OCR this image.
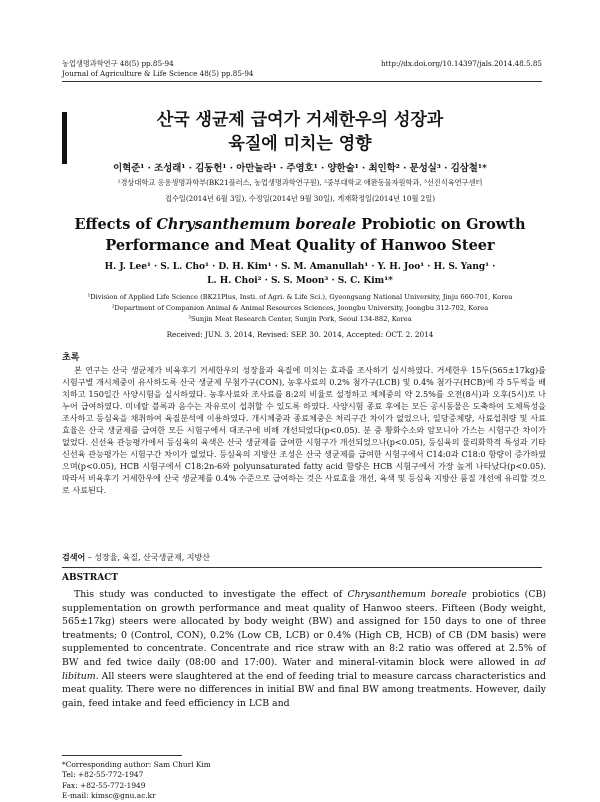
농업생명과학연구 48(5) pp.85-94
Journal of Agriculture & Life Science 48(5) pp.85-94
http://dx.doi.org/10.14397/jals.2014.48.5.85
산국 생균제 급여가 거세한우의 성장과
육질에 미치는 영향
이혁준¹ · 조성래¹ · 김동헌¹ · 아만눌라¹ · 주영호¹ · 양한술¹ · 최인학² · 문성실³ · 김삼철¹*
¹경상대학교 응용생명과학부(BK21플러스, 농업생명과학연구원), ²중부대학교 애완동물자원학과, ³선진식육연구센터
접수일(2014년 6월 3일), 수정일(2014년 9월 30일), 게재확정일(2014년 10월 2일)
Effects of Chrysanthemum boreale Probiotic on Growth
Performance and Meat Quality of Hanwoo Steer
H. J. Lee¹ · S. L. Cho¹ · D. H. Kim¹ · S. M. Amanullah¹ · Y. H. Joo¹ · H. S. Yang¹ ·
L. H. Choi² · S. S. Moon³ · S. C. Kim¹*
¹Division of Applied Life Science (BK21Plus, Insti. of Agri. & Life Sci.), Gyeongsang National University, Jinju 660-701, Korea
²Department of Companion Animal & Animal Resources Sciences, Joongbu University, Joongbu 312-702, Korea
³Sunjin Meat Research Center, Sunjin Pork, Seoul 134-882, Korea
Received: JUN. 3. 2014, Revised: SEP. 30. 2014, Accepted: OCT. 2. 2014
초록
본 연구는 산국 생균제가 비육후기 거세한우의 성장율과 육질에 미치는 효과를 조사하기 실시하였다. 거세한우 15두(565±17kg)를 시험구별 개시체중이 유사하도록 산국 생균제 무첨가구(CON), 농후사료의 0.2% 첨가구(LCB) 및 0.4% 첨가구(HCB)에 각 5두씩을 배치하고 150일간 사양시험을 실시하였다. 농후사료와 조사료를 8:2의 비율로 설정하고 체체중의 약 2.5%를 오전(8시)과 오후(5시)로 나누어 급여하였다. 미네랄 블록과 음수는 자유로이 섭취할 수 있도록 하였다. 사양시험 종료 후에는 모든 공시동물은 도축하여 도체특성을 조사하고 등심육을 채취하여 육질분석에 이용하였다. 개시체중과 종료체중은 처리구간 차이가 없었으나, 일당증체량, 사료섭취량 및 사료효율은 산국 생균제를 급여한 모든 시험구에서 대조구에 비해 개선되었다(p<0.05). 분 중 황화수소와 암모니아 가스는 시험구간 차이가 없었다. 신선육 관능평가에서 등심육의 육색은 산국 생균제를 급여한 시험구가 개선되었으나(p<0.05), 등심육의 물리화학적 특성과 기타 신선육 관능평가는 시험구간 차이가 없었다. 등심육의 지방산 조성은 산국 생균제를 급여한 시험구에서 C14:0과 C18:0 함량이 증가하였으며(p<0.05), HCB 시험구에서 C18:2n-6와 polyunsaturated fatty acid 함량은 HCB 시험구에서 가장 높게 나타났다(p<0.05). 따라서 비육후기 거세한우에 산국 생균제를 0.4% 수준으로 급여하는 것은 사료효율 개선, 육색 및 등심육 지방산 품질 개선에 유리할 것으로 사료된다.
검색어 – 성장율, 육질, 산국생균제, 지방산
ABSTRACT
This study was conducted to investigate the effect of Chrysanthemum boreale probiotics (CB) supplementation on growth performance and meat quality of Hanwoo steers. Fifteen (Body weight, 565±17kg) steers were allocated by body weight (BW) and assigned for 150 days to one of three treatments; 0 (Control, CON), 0.2% (Low CB, LCB) or 0.4% (High CB, HCB) of CB (DM basis) were supplemented to concentrate. Concentrate and rice straw with an 8:2 ratio was offered at 2.5% of BW and fed twice daily (08:00 and 17:00). Water and mineral-vitamin block were allowed in ad libitum. All steers were slaughtered at the end of feeding trial to measure carcass characteristics and meat quality. There were no differences in initial BW and final BW among treatments. However, daily gain, feed intake and feed efficiency in LCB and
*Corresponding author: Sam Churl Kim
Tel: +82-55-772-1947
Fax: +82-55-772-1949
E-mail: kimsc@gnu.ac.kr
